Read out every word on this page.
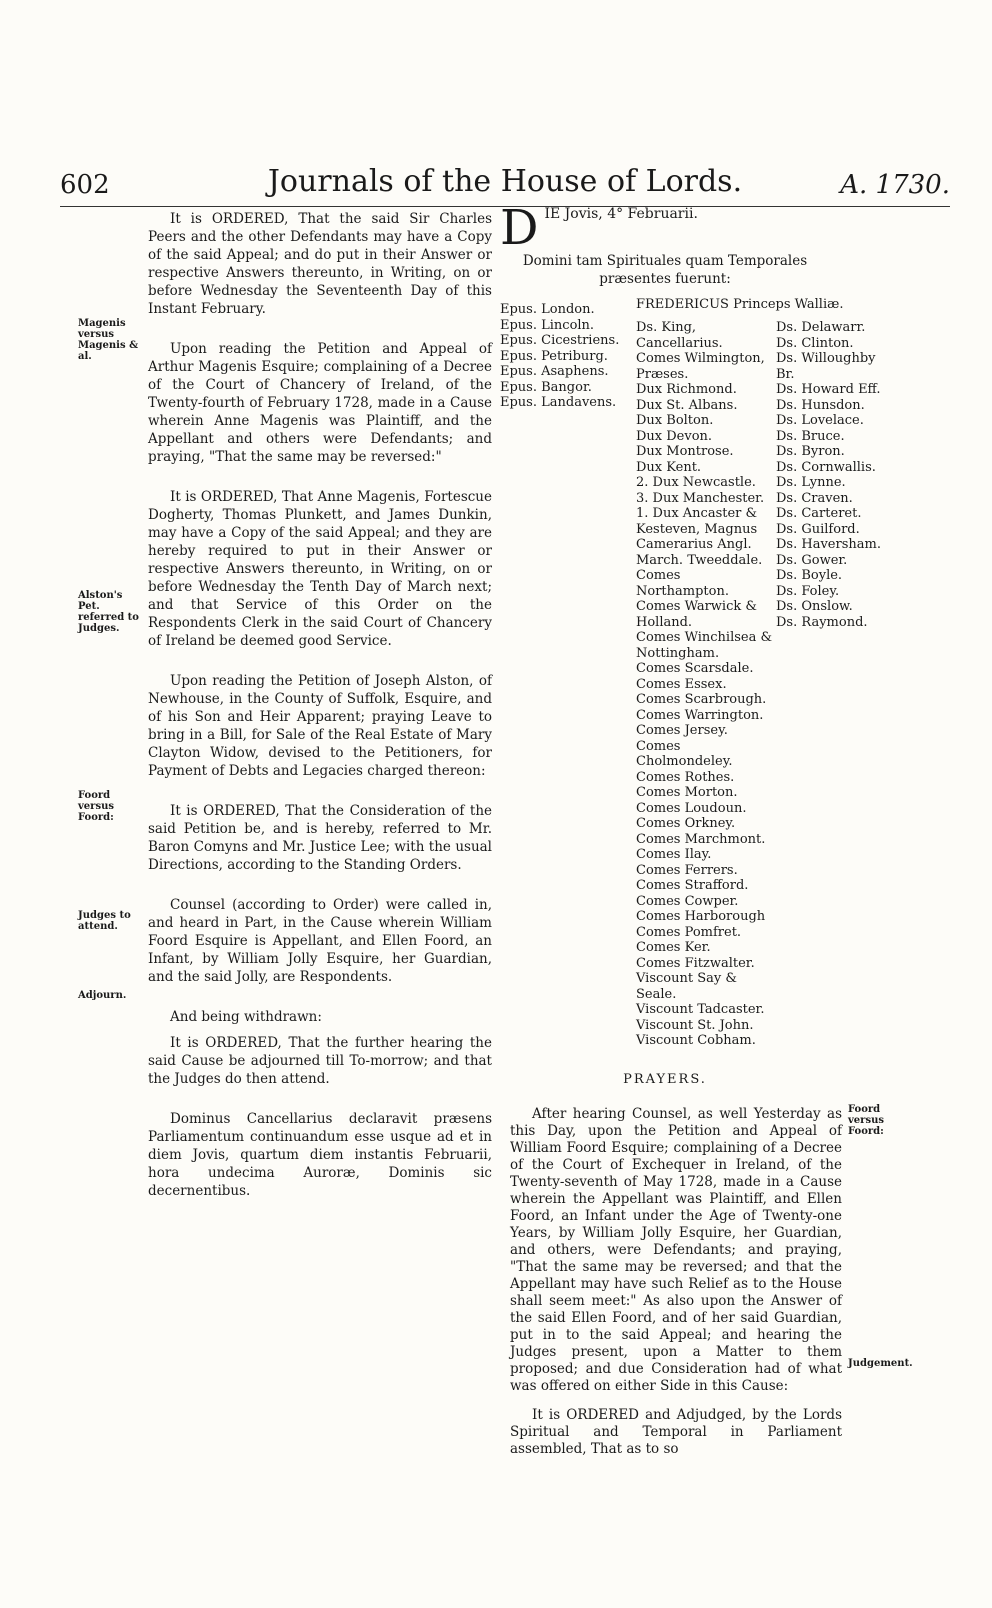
602	Journals of the House of Lords.	A. 1730.

It is ORDERED, That the said Sir Charles Peers and the other Defendants may have a Copy of the said Appeal; and do put in their Answer or respective Answers thereunto, in Writing, on or before Wednesday the Seventeenth Day of this Instant February.

Upon reading the Petition and Appeal of Arthur Magenis Esquire; complaining of a Decree of the Court of Chancery of Ireland, of the Twenty-fourth of February 1728, made in a Cause wherein Anne Magenis was Plaintiff, and the Appellant and others were Defendants; and praying, "That the same may be reversed:"

It is ORDERED, That Anne Magenis, Fortescue Dogherty, Thomas Plunkett, and James Dunkin, may have a Copy of the said Appeal; and they are hereby required to put in their Answer or respective Answers thereunto, in Writing, on or before Wednesday the Tenth Day of March next; and that Service of this Order on the Respondents Clerk in the said Court of Chancery of Ireland be deemed good Service.

Upon reading the Petition of Joseph Alston, of Newhouse, in the County of Suffolk, Esquire, and of his Son and Heir Apparent; praying Leave to bring in a Bill, for Sale of the Real Estate of Mary Clayton Widow, devised to the Petitioners, for Payment of Debts and Legacies charged thereon:

It is ORDERED, That the Consideration of the said Petition be, and is hereby, referred to Mr. Baron Comyns and Mr. Justice Lee; with the usual Directions, according to the Standing Orders.

Counsel (according to Order) were called in, and heard in Part, in the Cause wherein William Foord Esquire is Appellant, and Ellen Foord, an Infant, by William Jolly Esquire, her Guardian, and the said Jolly, are Respondents.

And being withdrawn:

It is ORDERED, That the further hearing the said Cause be adjourned till To-morrow; and that the Judges do then attend.

Dominus Cancellarius declaravit præsens Parliamentum continuandum esse usque ad et in diem Jovis, quartum diem instantis Februarii, hora undecima Auroræ, Dominis sic decernentibus.

Magenis versus Magenis & al.
Alston's Pet. referred to Judges.
Foord versus Foord:
Judges to attend.
Adjourn.
D IE Jovis, 4° Februarii.
Domini tam Spirituales quam Temporales præsentes fuerunt:
FREDERICUS Princeps Walliæ.
Epus. London.
Epus. Lincoln.
Epus. Cicestriens.
Epus. Petriburg.
Epus. Asaphens.
Epus. Bangor.
Epus. Landavens.
Ds. King, Cancellarius.
Comes Wilmington, Præses.
Dux Richmond.
Dux St. Albans.
Dux Bolton.
Dux Devon.
Dux Montrose.
Dux Kent.
2. Dux Newcastle.
3. Dux Manchester.
1. Dux Ancaster & Kesteven, Magnus Camerarius Angl.
March. Tweeddale.
Comes Northampton.
Comes Warwick & Holland.
Comes Winchilsea & Nottingham.
Comes Scarsdale.
Comes Essex.
Comes Scarbrough.
Comes Warrington.
Comes Jersey.
Comes Cholmondeley.
Comes Rothes.
Comes Morton.
Comes Loudoun.
Comes Orkney.
Comes Marchmont.
Comes Ilay.
Comes Ferrers.
Comes Strafford.
Comes Cowper.
Comes Harborough
Comes Pomfret.
Comes Ker.
Comes Fitzwalter.
Viscount Say & Seale.
Viscount Tadcaster.
Viscount St. John.
Viscount Cobham.
Ds. Delawarr.
Ds. Clinton.
Ds. Willoughby Br.
Ds. Howard Eff.
Ds. Hunsdon.
Ds. Lovelace.
Ds. Bruce.
Ds. Byron.
Ds. Cornwallis.
Ds. Lynne.
Ds. Craven.
Ds. Carteret.
Ds. Guilford.
Ds. Haversham.
Ds. Gower.
Ds. Boyle.
Ds. Foley.
Ds. Onslow.
Ds. Raymond.
PRAYERS.

After hearing Counsel, as well Yesterday as this Day, upon the Petition and Appeal of William Foord Esquire; complaining of a Decree of the Court of Exchequer in Ireland, of the Twenty-seventh of May 1728, made in a Cause wherein the Appellant was Plaintiff, and Ellen Foord, an Infant under the Age of Twenty-one Years, by William Jolly Esquire, her Guardian, and others, were Defendants; and praying, "That the same may be reversed; and that the Appellant may have such Relief as to the House shall seem meet:" As also upon the Answer of the said Ellen Foord, and of her said Guardian, put in to the said Appeal; and hearing the Judges present, upon a Matter to them proposed; and due Consideration had of what was offered on either Side in this Cause:

It is ORDERED and Adjudged, by the Lords Spiritual and Temporal in Parliament assembled, That as to so

Foord versus Foord:
Judgement.
